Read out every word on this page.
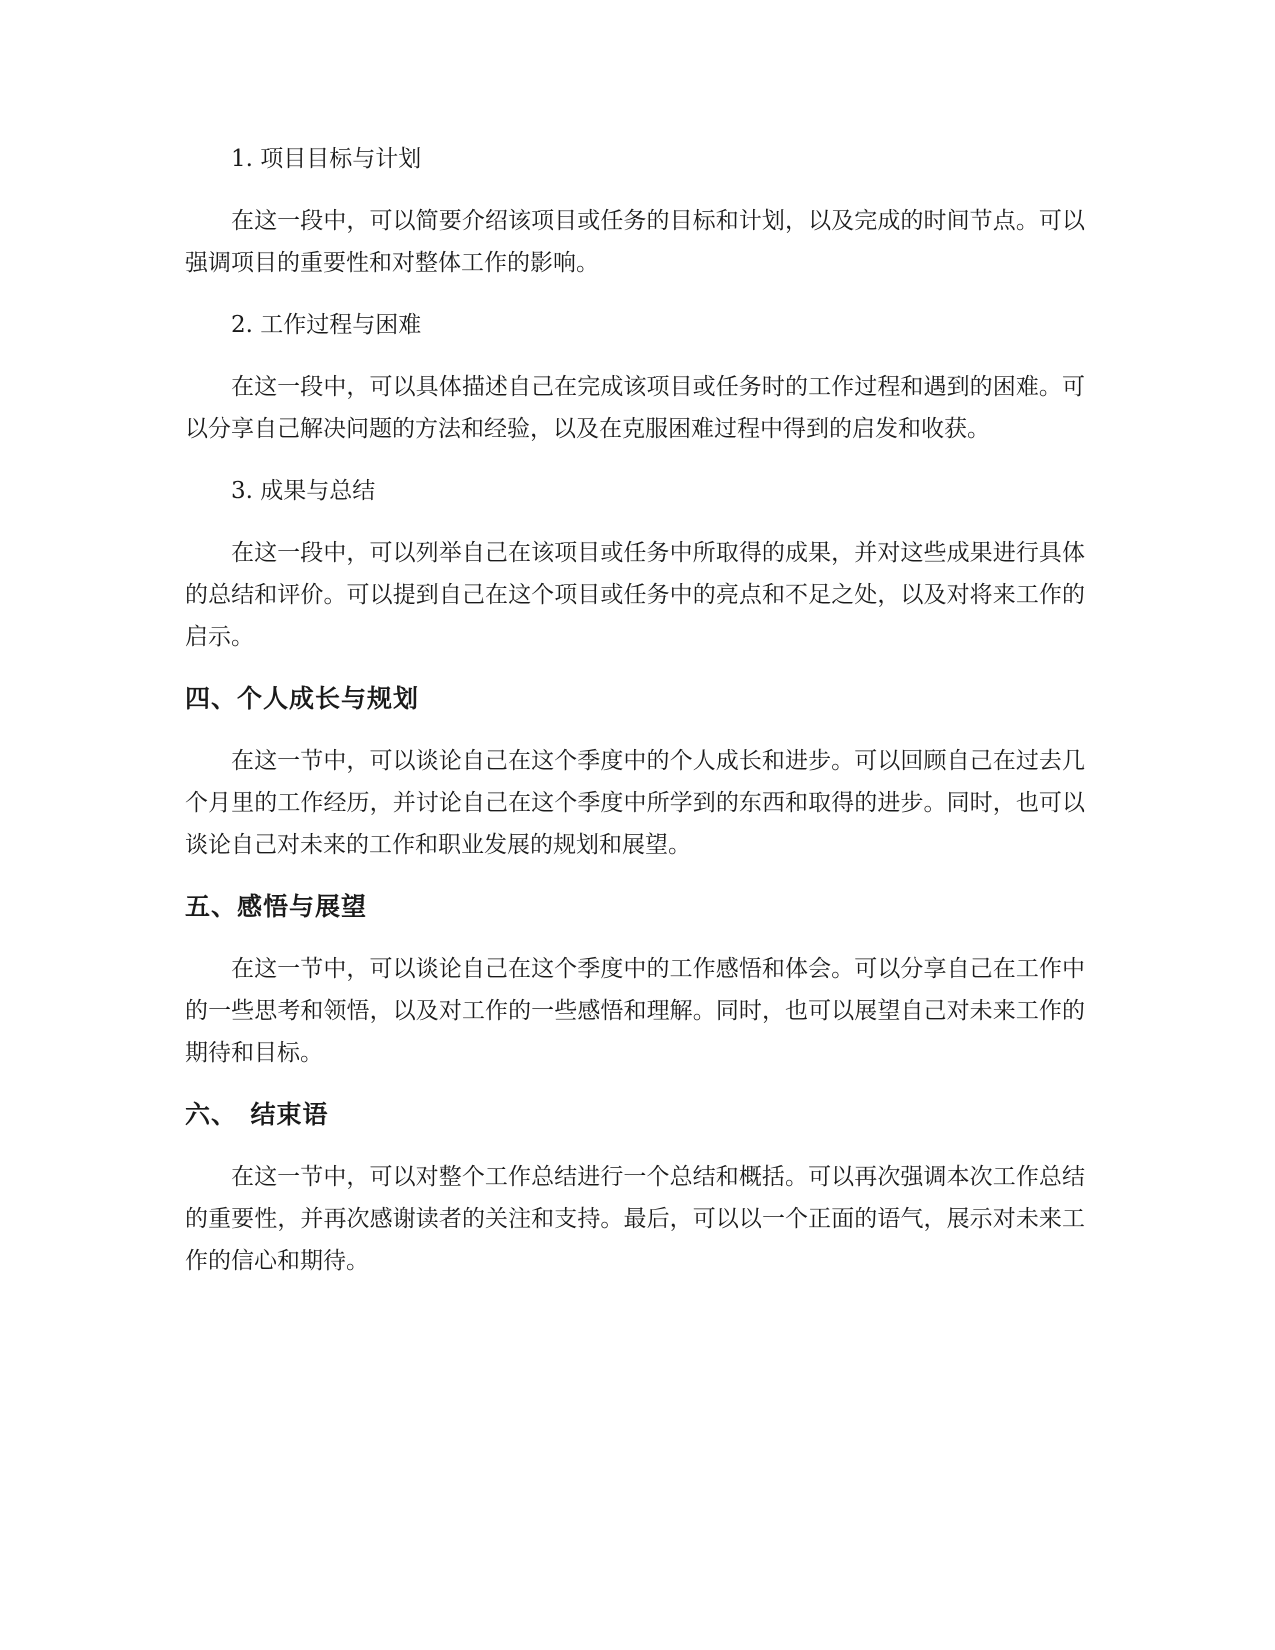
1. 项目目标与计划

在这一段中，可以简要介绍该项目或任务的目标和计划，以及完成的时间节点。可以强调项目的重要性和对整体工作的影响。

2. 工作过程与困难

在这一段中，可以具体描述自己在完成该项目或任务时的工作过程和遇到的困难。可以分享自己解决问题的方法和经验，以及在克服困难过程中得到的启发和收获。

3. 成果与总结

在这一段中，可以列举自己在该项目或任务中所取得的成果，并对这些成果进行具体的总结和评价。可以提到自己在这个项目或任务中的亮点和不足之处，以及对将来工作的启示。

四、个人成长与规划

在这一节中，可以谈论自己在这个季度中的个人成长和进步。可以回顾自己在过去几个月里的工作经历，并讨论自己在这个季度中所学到的东西和取得的进步。同时，也可以谈论自己对未来的工作和职业发展的规划和展望。

五、感悟与展望

在这一节中，可以谈论自己在这个季度中的工作感悟和体会。可以分享自己在工作中的一些思考和领悟，以及对工作的一些感悟和理解。同时，也可以展望自己对未来工作的期待和目标。

六、　结束语

在这一节中，可以对整个工作总结进行一个总结和概括。可以再次强调本次工作总结的重要性，并再次感谢读者的关注和支持。最后，可以以一个正面的语气，展示对未来工作的信心和期待。
